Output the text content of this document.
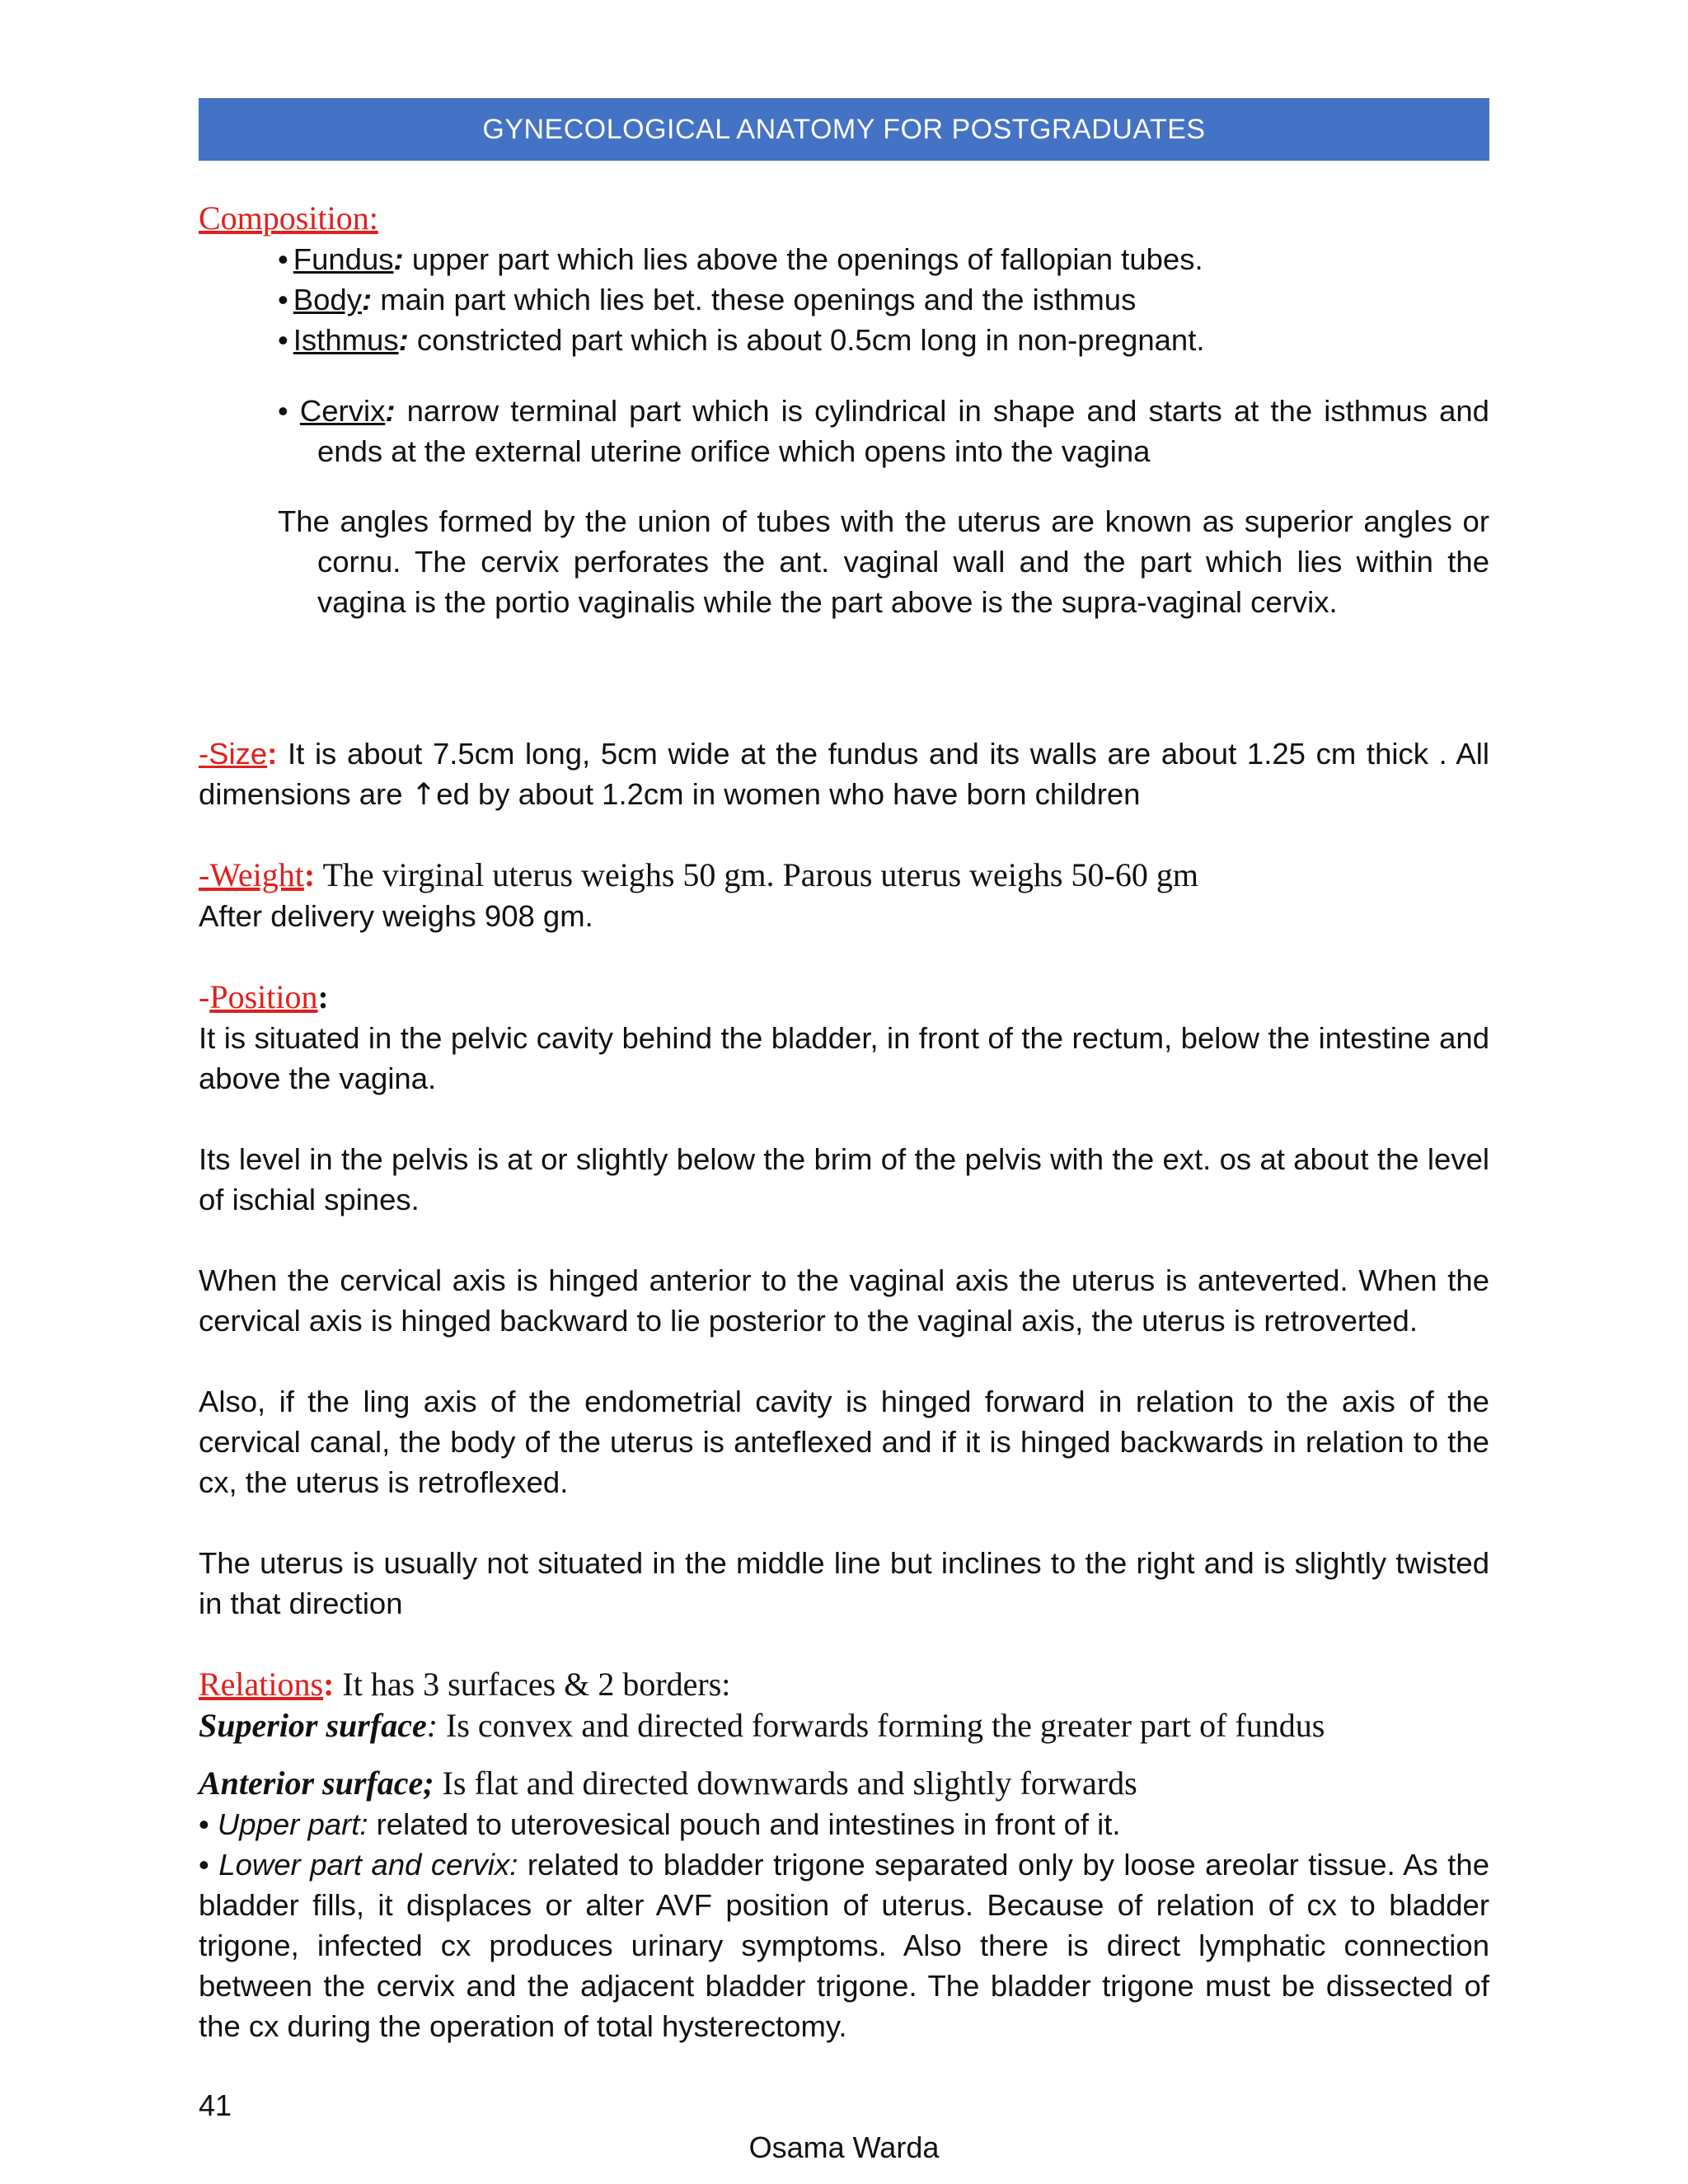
GYNECOLOGICAL ANATOMY FOR POSTGRADUATES

Composition:

• Fundus: upper part which lies above the openings of fallopian tubes.

• Body: main part which lies bet. these openings and the isthmus

• Isthmus: constricted part which is about 0.5cm long in non-pregnant.

• Cervix: narrow terminal part which is cylindrical in shape and starts at the isthmus and ends at the external uterine orifice which opens into the vagina

The angles formed by the union of tubes with the uterus are known as superior angles or cornu. The cervix perforates the ant. vaginal wall and the part which lies within the vagina is the portio vaginalis while the part above is the supra-vaginal cervix.

-Size: It is about 7.5cm long, 5cm wide at the fundus and its walls are about 1.25 cm thick . All dimensions are ↑ed by about 1.2cm in women who have born children

-Weight: The virginal uterus weighs 50 gm. Parous uterus weighs 50-60 gm

After delivery weighs 908 gm.

-Position:

It is situated in the pelvic cavity behind the bladder, in front of the rectum, below the intestine and above the vagina.

Its level in the pelvis is at or slightly below the brim of the pelvis with the ext. os at about the level of ischial spines.

When the cervical axis is hinged anterior to the vaginal axis the uterus is anteverted. When the cervical axis is hinged backward to lie posterior to the vaginal axis, the uterus is retroverted.

Also, if the ling axis of the endometrial cavity is hinged forward in relation to the axis of the cervical canal, the body of the uterus is anteflexed and if it is hinged backwards in relation to the cx, the uterus is retroflexed.

The uterus is usually not situated in the middle line but inclines to the right and is slightly twisted in that direction

Relations: It has 3 surfaces & 2 borders:

Superior surface: Is convex and directed forwards forming the greater part of fundus

Anterior surface; Is flat and directed downwards and slightly forwards

• Upper part: related to uterovesical pouch and intestines in front of it.

• Lower part and cervix: related to bladder trigone separated only by loose areolar tissue. As the bladder fills, it displaces or alter AVF position of uterus. Because of relation of cx to bladder trigone, infected cx produces urinary symptoms. Also there is direct lymphatic connection between the cervix and the adjacent bladder trigone. The bladder trigone must be dissected of the cx during the operation of total hysterectomy.

41
Osama Warda
